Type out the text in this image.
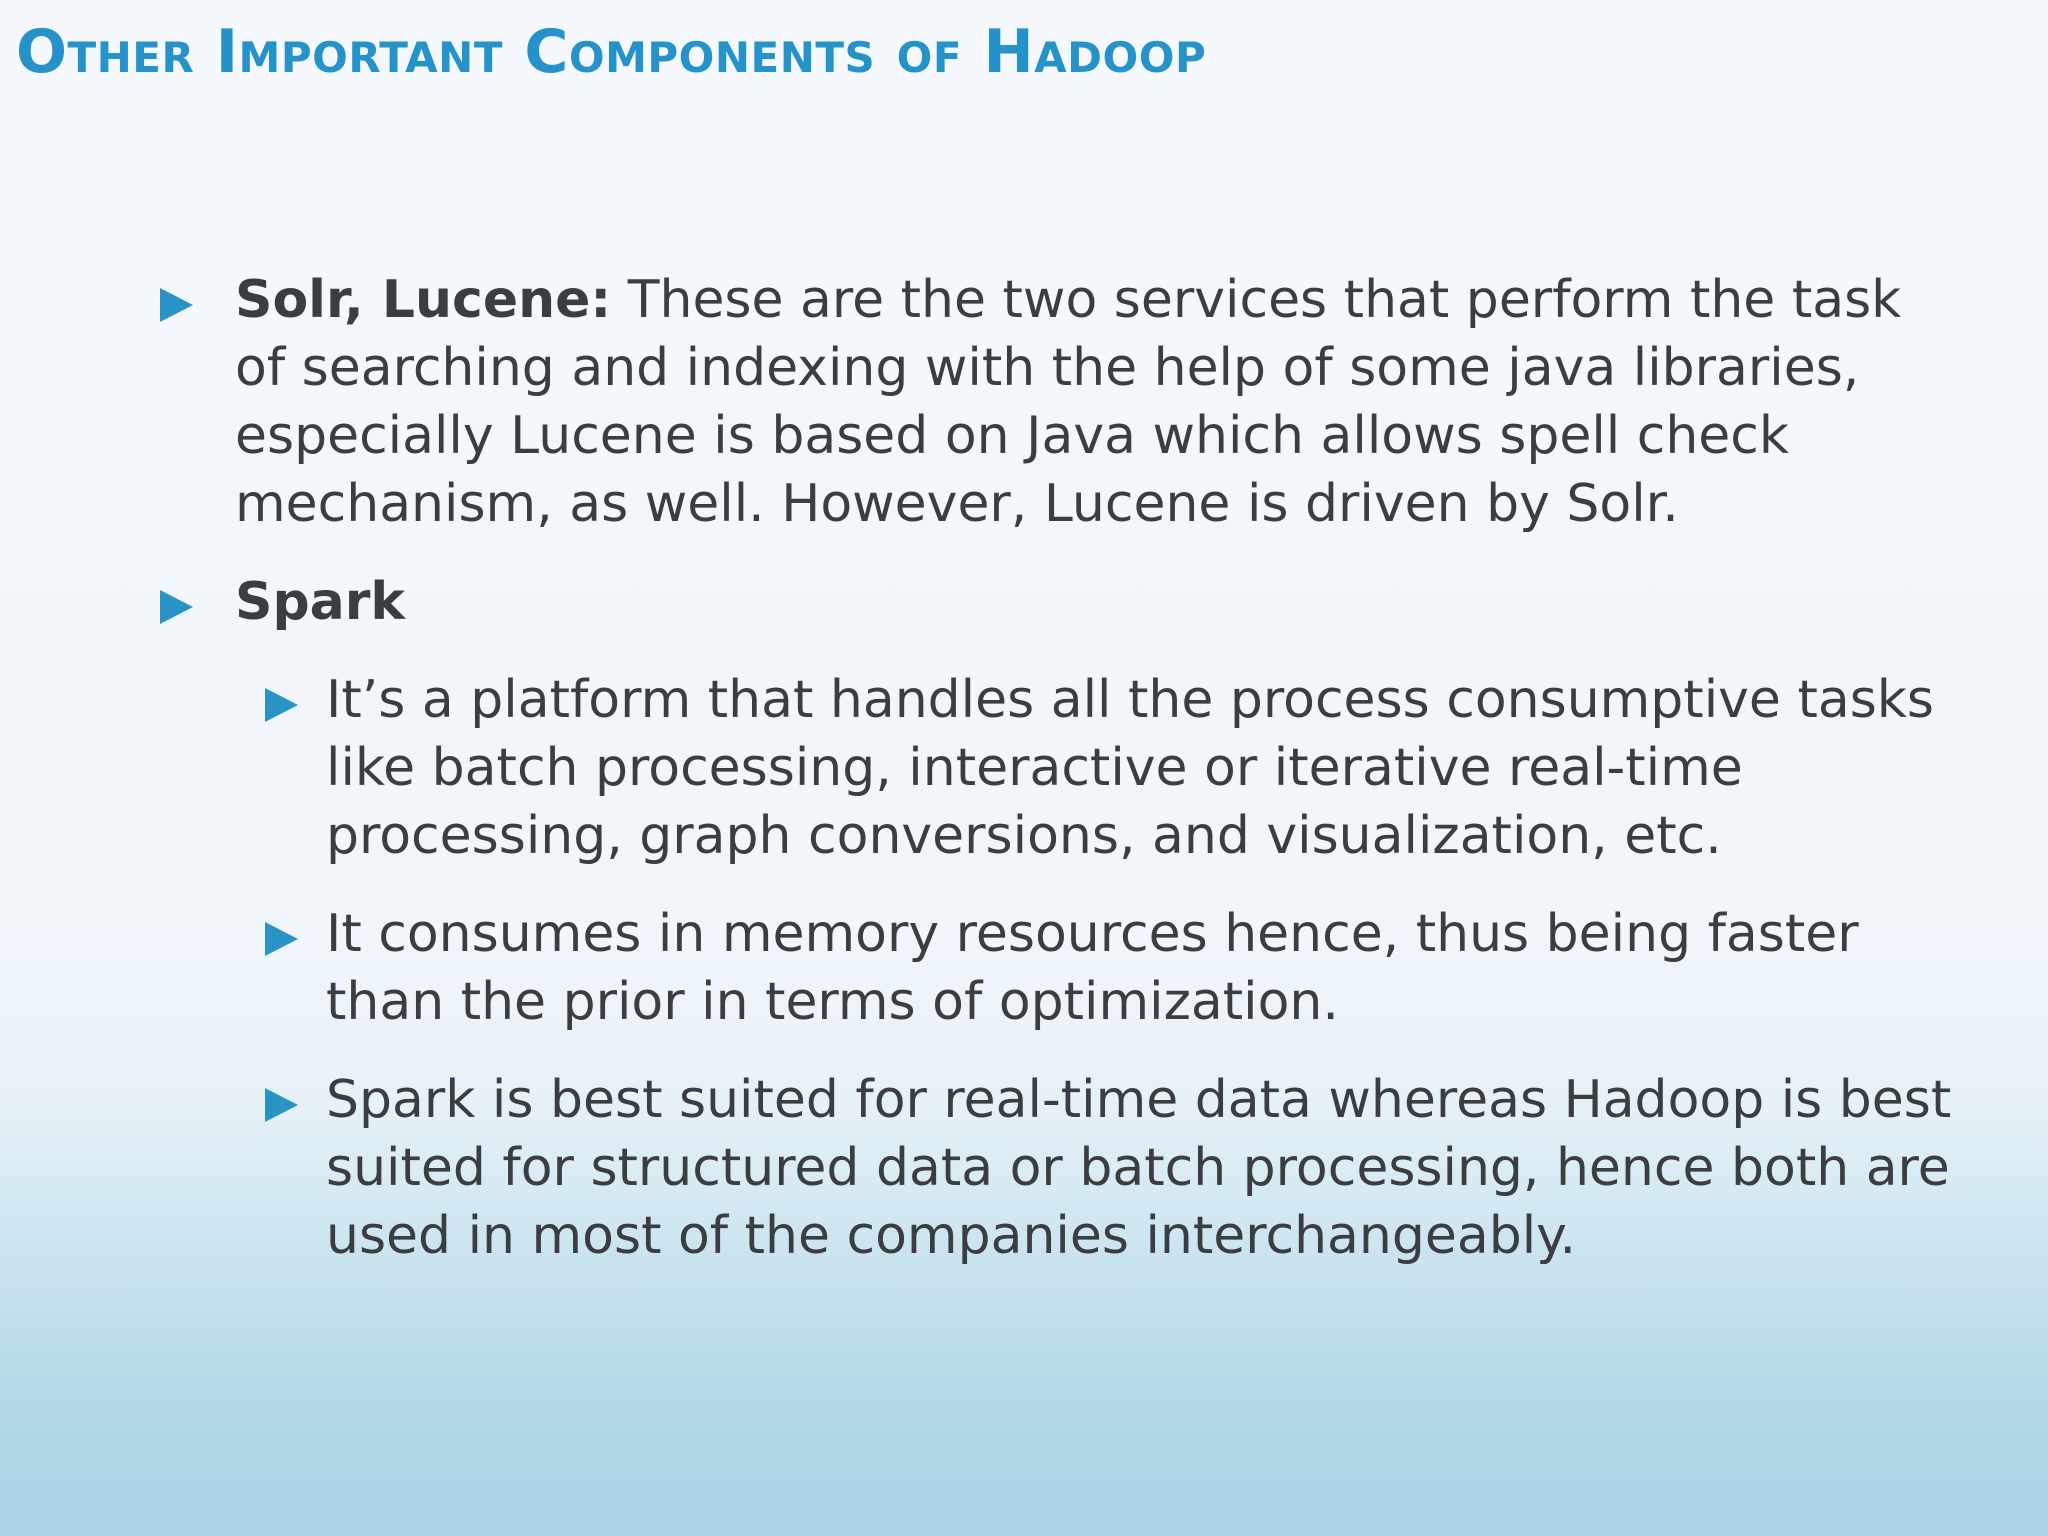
Other Important Components of Hadoop
Solr, Lucene: These are the two services that perform the task of searching and indexing with the help of some java libraries, especially Lucene is based on Java which allows spell check mechanism, as well. However, Lucene is driven by Solr.
Spark
It’s a platform that handles all the process consumptive tasks like batch processing, interactive or iterative real-time processing, graph conversions, and visualization, etc.
It consumes in memory resources hence, thus being faster than the prior in terms of optimization.
Spark is best suited for real-time data whereas Hadoop is best suited for structured data or batch processing, hence both are used in most of the companies interchangeably.
